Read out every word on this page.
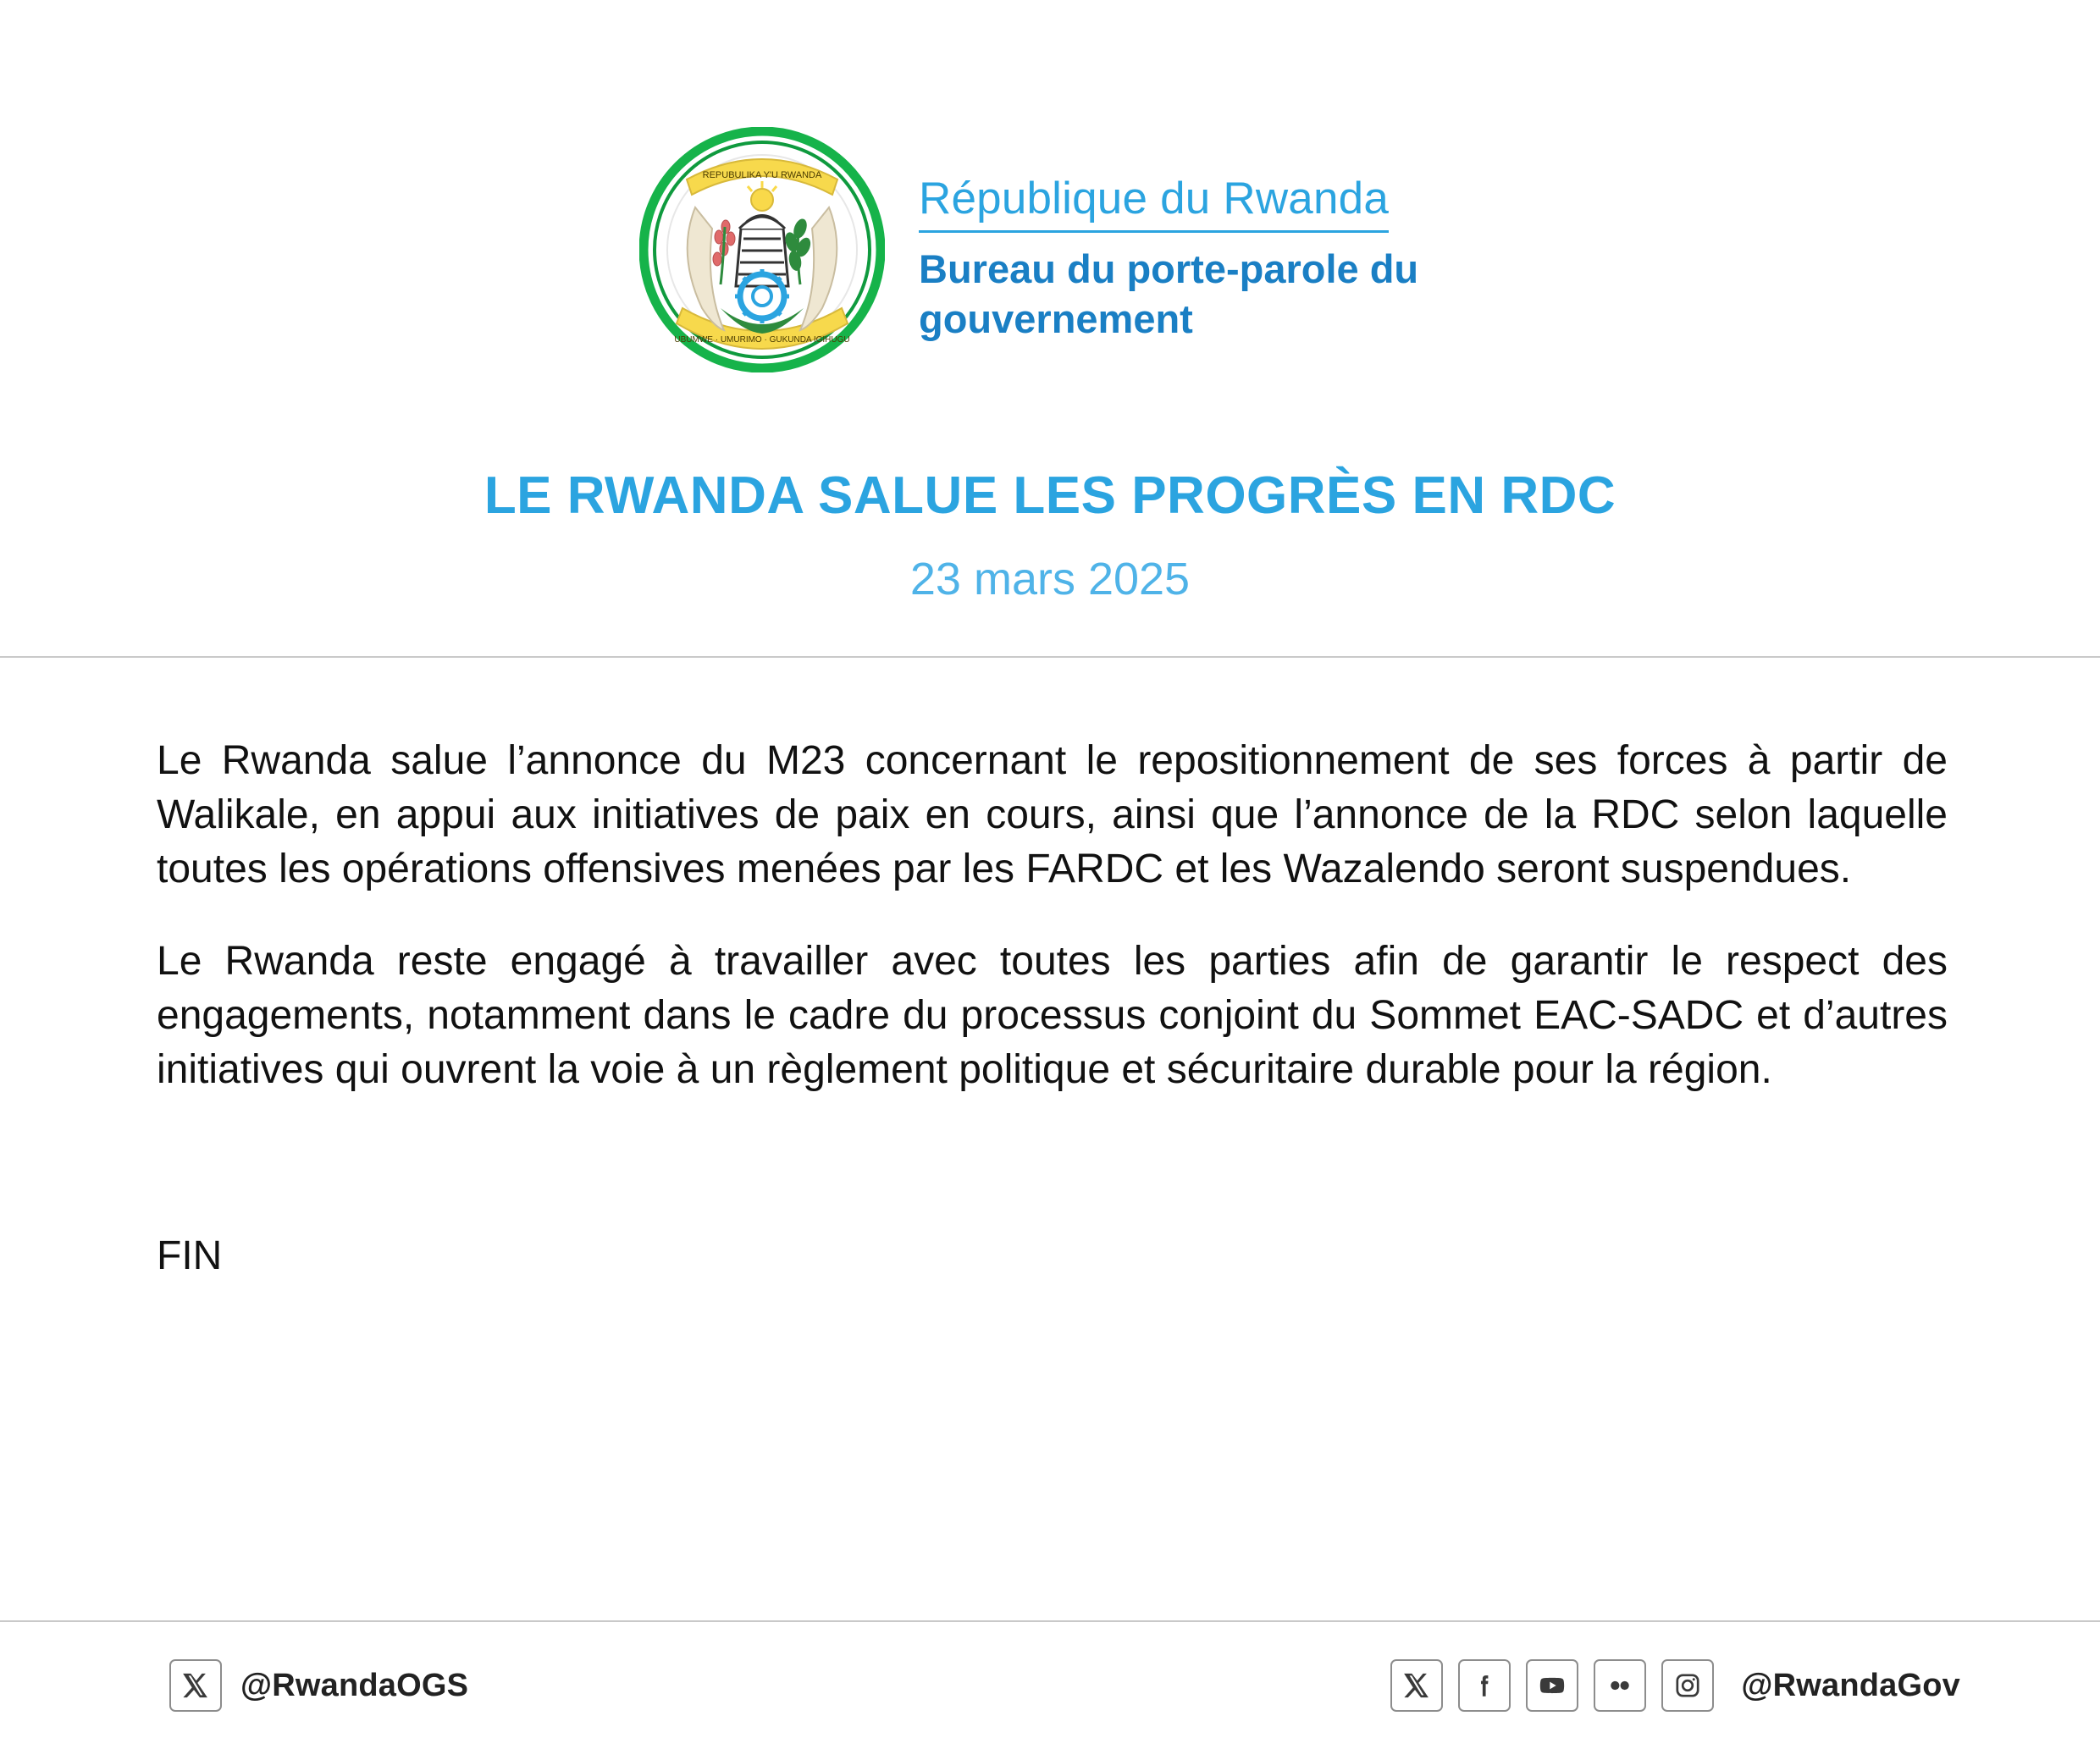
REPUBULIKA Y'U RWANDA
UBUMWE · UMURIMO · GUKUNDA IGIHUGU
République du Rwanda
Bureau du porte-parole du gouvernement
LE RWANDA SALUE LES PROGRÈS EN RDC
23 mars 2025

Le Rwanda salue l’annonce du M23 concernant le repositionnement de ses forces à partir de Walikale, en appui aux initiatives de paix en cours, ainsi que l’annonce de la RDC selon laquelle toutes les opérations offensives menées par les FARDC et les Wazalendo seront suspendues.

Le Rwanda reste engagé à travailler avec toutes les parties afin de garantir le respect des engagements, notamment dans le cadre du processus conjoint du Sommet EAC-SADC et d’autres initiatives qui ouvrent la voie à un règlement politique et sécuritaire durable pour la région.

FIN
@RwandaOGS	@RwandaGov
